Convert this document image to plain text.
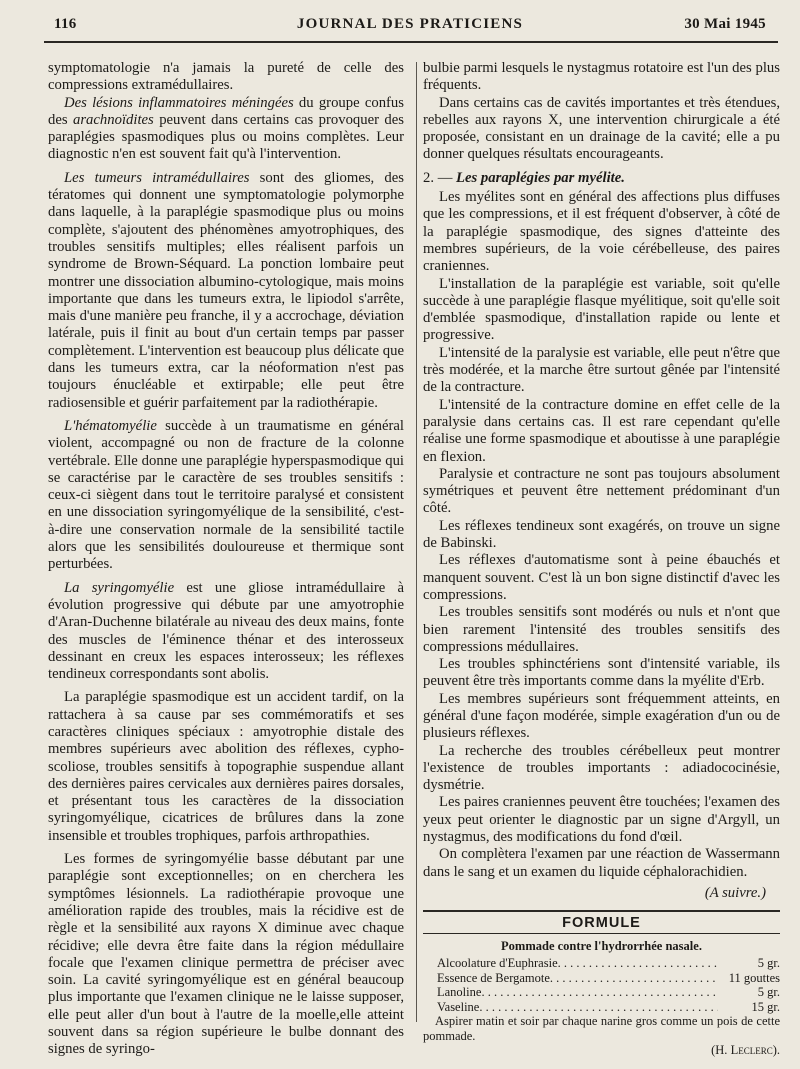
116	JOURNAL DES PRATICIENS	30 Mai 1945

symptomatologie n'a jamais la pureté de celle des compressions extramédullaires.

Des lésions inflammatoires méningées du groupe confus des arachnoïdites peuvent dans certains cas provoquer des paraplégies spasmodiques plus ou moins complètes. Leur diagnostic n'en est souvent fait qu'à l'intervention.

Les tumeurs intramédullaires sont des gliomes, des tératomes qui donnent une symptomatologie polymorphe dans laquelle, à la paraplégie spasmodique plus ou moins complète, s'ajoutent des phénomènes amyotrophiques, des troubles sensitifs multiples; elles réalisent parfois un syndrome de Brown-Séquard. La ponction lombaire peut montrer une dissociation albumino-cytologique, mais moins importante que dans les tumeurs extra, le lipiodol s'arrête, mais d'une manière peu franche, il y a accrochage, déviation latérale, puis il finit au bout d'un certain temps par passer complètement. L'intervention est beaucoup plus délicate que dans les tumeurs extra, car la néoformation n'est pas toujours énucléable et extirpable; elle peut être radiosensible et guérir parfaitement par la radiothérapie.

L'hématomyélie succède à un traumatisme en général violent, accompagné ou non de fracture de la colonne vertébrale. Elle donne une paraplégie hyperspasmodique qui se caractérise par le caractère de ses troubles sensitifs : ceux-ci siègent dans tout le territoire paralysé et consistent en une dissociation syringomyélique de la sensibilité, c'est-à-dire une conservation normale de la sensibilité tactile alors que les sensibilités douloureuse et thermique sont perturbées.

La syringomyélie est une gliose intramédullaire à évolution progressive qui débute par une amyotrophie d'Aran-Duchenne bilatérale au niveau des deux mains, fonte des muscles de l'éminence thénar et des interosseux dessinant en creux les espaces interosseux; les réflexes tendineux correspondants sont abolis.

La paraplégie spasmodique est un accident tardif, on la rattachera à sa cause par ses commémoratifs et ses caractères cliniques spéciaux : amyotrophie distale des membres supérieurs avec abolition des réflexes, cypho-scoliose, troubles sensitifs à topographie suspendue allant des dernières paires cervicales aux dernières paires dorsales, et présentant tous les caractères de la dissociation syringomyélique, cicatrices de brûlures dans la zone insensible et troubles trophiques, parfois arthropathies.

Les formes de syringomyélie basse débutant par une paraplégie sont exceptionnelles; on en cherchera les symptômes lésionnels. La radiothérapie provoque une amélioration rapide des troubles, mais la récidive est de règle et la sensibilité aux rayons X diminue avec chaque récidive; elle devra être faite dans la région médullaire focale que l'examen clinique permettra de préciser avec soin. La cavité syringomyélique est en général beaucoup plus importante que l'examen clinique ne le laisse supposer, elle peut aller d'un bout à l'autre de la moelle,elle atteint souvent dans sa région supérieure le bulbe donnant des signes de syringo-

bulbie parmi lesquels le nystagmus rotatoire est l'un des plus fréquents.

Dans certains cas de cavités importantes et très étendues, rebelles aux rayons X, une intervention chirurgicale a été proposée, consistant en un drainage de la cavité; elle a pu donner quelques résultats encourageants.

2. — Les paraplégies par myélite.

Les myélites sont en général des affections plus diffuses que les compressions, et il est fréquent d'observer, à côté de la paraplégie spasmodique, des signes d'atteinte des membres supérieurs, de la voie cérébelleuse, des paires craniennes.

L'installation de la paraplégie est variable, soit qu'elle succède à une paraplégie flasque myélitique, soit qu'elle soit d'emblée spasmodique, d'installation rapide ou lente et progressive.

L'intensité de la paralysie est variable, elle peut n'être que très modérée, et la marche être surtout gênée par l'intensité de la contracture.

L'intensité de la contracture domine en effet celle de la paralysie dans certains cas. Il est rare cependant qu'elle réalise une forme spasmodique et aboutisse à une paraplégie en flexion.

Paralysie et contracture ne sont pas toujours absolument symétriques et peuvent être nettement prédominant d'un côté.

Les réflexes tendineux sont exagérés, on trouve un signe de Babinski.

Les réflexes d'automatisme sont à peine ébauchés et manquent souvent. C'est là un bon signe distinctif d'avec les compressions.

Les troubles sensitifs sont modérés ou nuls et n'ont que bien rarement l'intensité des troubles sensitifs des compressions médullaires.

Les troubles sphinctériens sont d'intensité variable, ils peuvent être très importants comme dans la myélite d'Erb.

Les membres supérieurs sont fréquemment atteints, en général d'une façon modérée, simple exagération d'un ou de plusieurs réflexes.

La recherche des troubles cérébelleux peut montrer l'existence de troubles importants : adiadococinésie, dysmétrie.

Les paires craniennes peuvent être touchées; l'examen des yeux peut orienter le diagnostic par un signe d'Argyll, un nystagmus, des modifications du fond d'œil.

On complètera l'examen par une réaction de Wassermann dans le sang et un examen du liquide céphalorachidien.

(A suivre.)
FORMULE
Pommade contre l'hydrorrhée nasale.
Alcoolature d'Euphrasie . . .	5 gr.
Essence de Bergamote . . .	11 gouttes
Lanoline . . .	5 gr.
Vaseline . . .	15 gr.
Aspirer matin et soir par chaque narine gros comme un pois de cette pommade.
(H. Leclerc).
